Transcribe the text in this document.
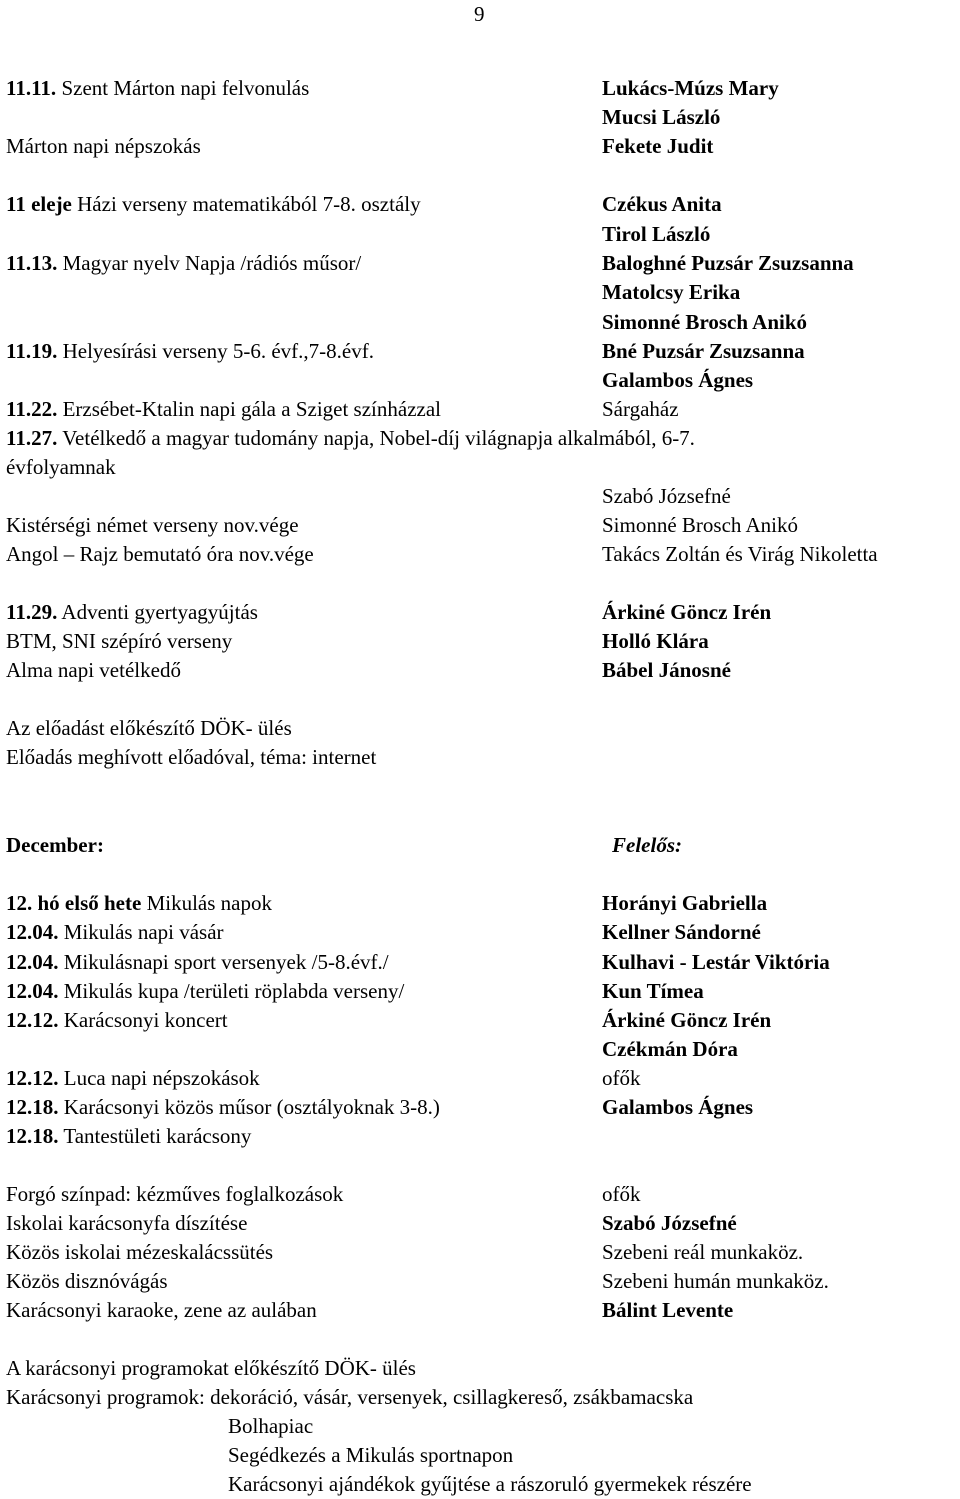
9
11.11. Szent Márton napi felvonulás	Lukács-Múzs Mary
Mucsi László
Márton napi népszokás	Fekete Judit
11 eleje Házi verseny matematikából 7-8. osztály	Czékus Anita
Tirol László
11.13. Magyar nyelv Napja /rádiós műsor/	Baloghné Puzsár Zsuzsanna
Matolcsy Erika
Simonné Brosch Anikó
11.19. Helyesírási verseny 5-6. évf.,7-8.évf.	Bné Puzsár Zsuzsanna
Galambos Ágnes
11.22. Erzsébet-Ktalin napi gála a Sziget színházzal	Sárgaház
11.27. Vetélkedő a magyar tudomány napja, Nobel-díj világnapja alkalmából, 6-7.
évfolyamnak
Szabó Józsefné
Kistérségi német verseny nov.vége	Simonné Brosch Anikó
Angol – Rajz bemutató óra nov.vége	Takács Zoltán és Virág Nikoletta
11.29. Adventi gyertyagyújtás	Árkiné Göncz Irén
BTM, SNI szépíró verseny	Holló Klára
Alma napi vetélkedő	Bábel Jánosné
Az előadást előkészítő DÖK- ülés
Előadás meghívott előadóval, téma: internet
December:	Felelős:
12. hó első hete Mikulás napok	Horányi Gabriella
12.04. Mikulás napi vásár	Kellner Sándorné
12.04. Mikulásnapi sport versenyek /5-8.évf./	Kulhavi - Lestár Viktória
12.04. Mikulás kupa /területi röplabda verseny/	Kun Tímea
12.12. Karácsonyi koncert	Árkiné Göncz Irén
Czékmán Dóra
12.12. Luca napi népszokások	ofők
12.18. Karácsonyi közös műsor (osztályoknak 3-8.)	Galambos Ágnes
12.18. Tantestületi karácsony
Forgó színpad: kézműves foglalkozások	ofők
Iskolai karácsonyfa díszítése	Szabó Józsefné
Közös iskolai mézeskalácssütés	Szebeni reál munkaköz.
Közös disznóvágás	Szebeni humán munkaköz.
Karácsonyi karaoke, zene az aulában	Bálint Levente
A karácsonyi programokat előkészítő DÖK- ülés
Karácsonyi programok: dekoráció, vásár, versenyek, csillagkereső, zsákbamacska
Bolhapiac
Segédkezés a Mikulás sportnapon
Karácsonyi ajándékok gyűjtése a rászoruló gyermekek részére
